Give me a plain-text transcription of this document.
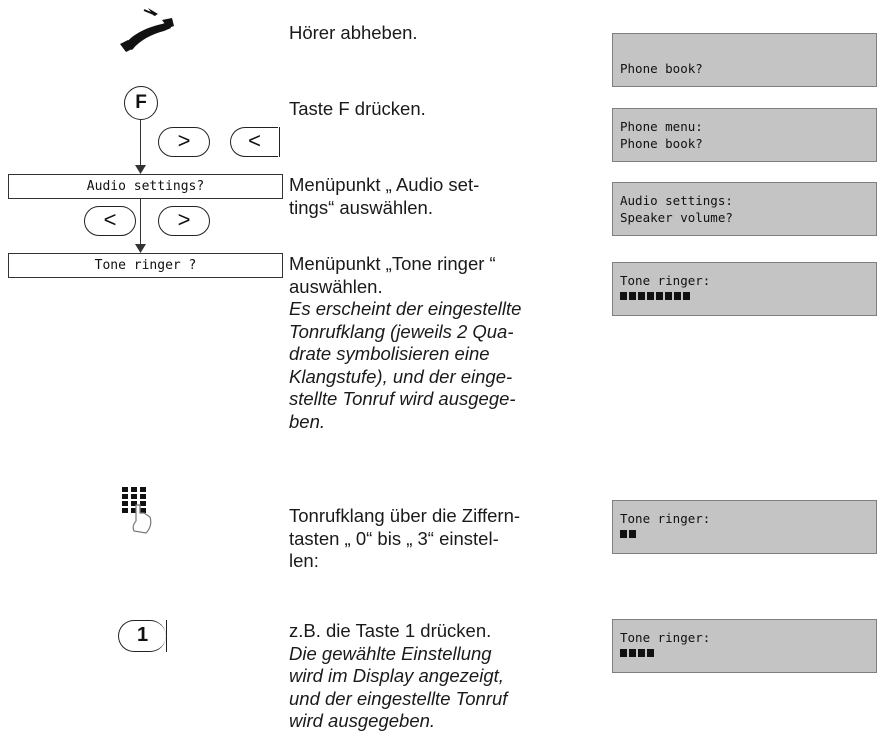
F
>	<
Audio settings?
<	>
Tone ringer ?
1

Hörer abheben.

Taste F drücken.

Menüpunkt „ Audio set-
tings“ auswählen.

Menüpunkt „Tone ringer “
auswählen.
Es erscheint der eingestellte
Tonrufklang (jeweils 2 Qua-
drate symbolisieren eine
Klangstufe), und der einge-
stellte Tonruf wird ausgege-
ben.

Tonrufklang über die Ziffern-
tasten „ 0“ bis „ 3“ einstel-
len:

z.B. die Taste 1 drücken.
Die gewählte Einstellung
wird im Display angezeigt,
und der eingestellte Tonruf
wird ausgegeben.

Phone book?
Phone menu:
Phone book?
Audio settings:
Speaker volume?
Tone ringer:
Tone ringer:
Tone ringer:
